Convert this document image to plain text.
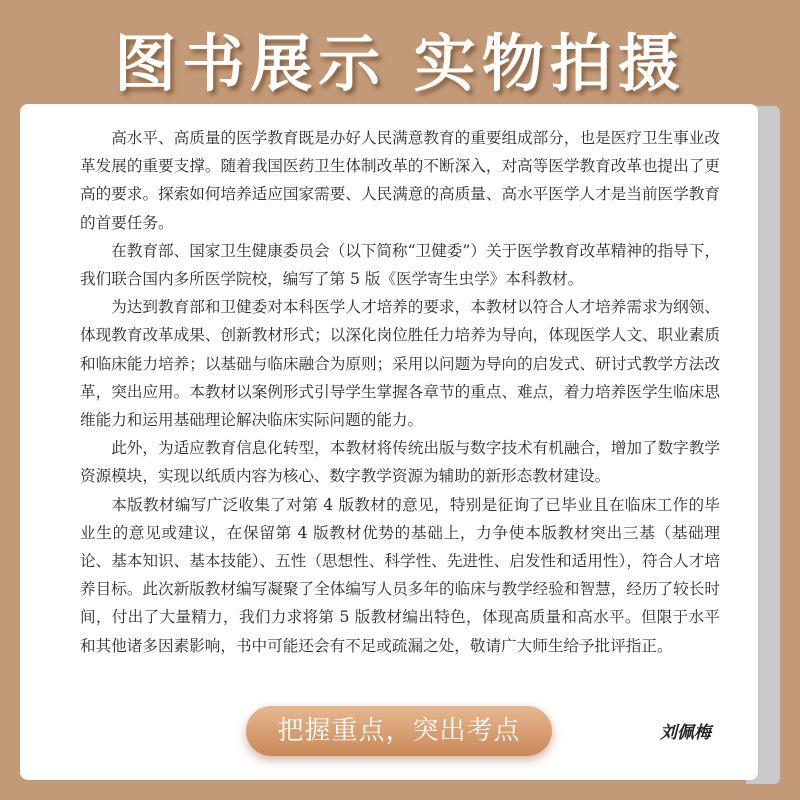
图书展示 实物拍摄

高水平、高质量的医学教育既是办好人民满意教育的重要组成部分，也是医疗卫生事业改革发展的重要支撑。随着我国医药卫生体制改革的不断深入，对高等医学教育改革也提出了更高的要求。探索如何培养适应国家需要、人民满意的高质量、高水平医学人才是当前医学教育的首要任务。

在教育部、国家卫生健康委员会（以下简称“卫健委”）关于医学教育改革精神的指导下，我们联合国内多所医学院校，编写了第 5 版《医学寄生虫学》本科教材。

为达到教育部和卫健委对本科医学人才培养的要求，本教材以符合人才培养需求为纲领、体现教育改革成果、创新教材形式；以深化岗位胜任力培养为导向，体现医学人文、职业素质和临床能力培养；以基础与临床融合为原则；采用以问题为导向的启发式、研讨式教学方法改革，突出应用。本教材以案例形式引导学生掌握各章节的重点、难点，着力培养医学生临床思维能力和运用基础理论解决临床实际问题的能力。

此外，为适应教育信息化转型，本教材将传统出版与数字技术有机融合，增加了数字教学资源模块，实现以纸质内容为核心、数字教学资源为辅助的新形态教材建设。

本版教材编写广泛收集了对第 4 版教材的意见，特别是征询了已毕业且在临床工作的毕业生的意见或建议，在保留第 4 版教材优势的基础上，力争使本版教材突出三基（基础理论、基本知识、基本技能）、五性（思想性、科学性、先进性、启发性和适用性），符合人才培养目标。此次新版教材编写凝聚了全体编写人员多年的临床与教学经验和智慧，经历了较长时间，付出了大量精力，我们力求将第 5 版教材编出特色，体现高质量和高水平。但限于水平和其他诸多因素影响，书中可能还会有不足或疏漏之处，敬请广大师生给予批评指正。

把握重点，突出考点	刘佩梅
